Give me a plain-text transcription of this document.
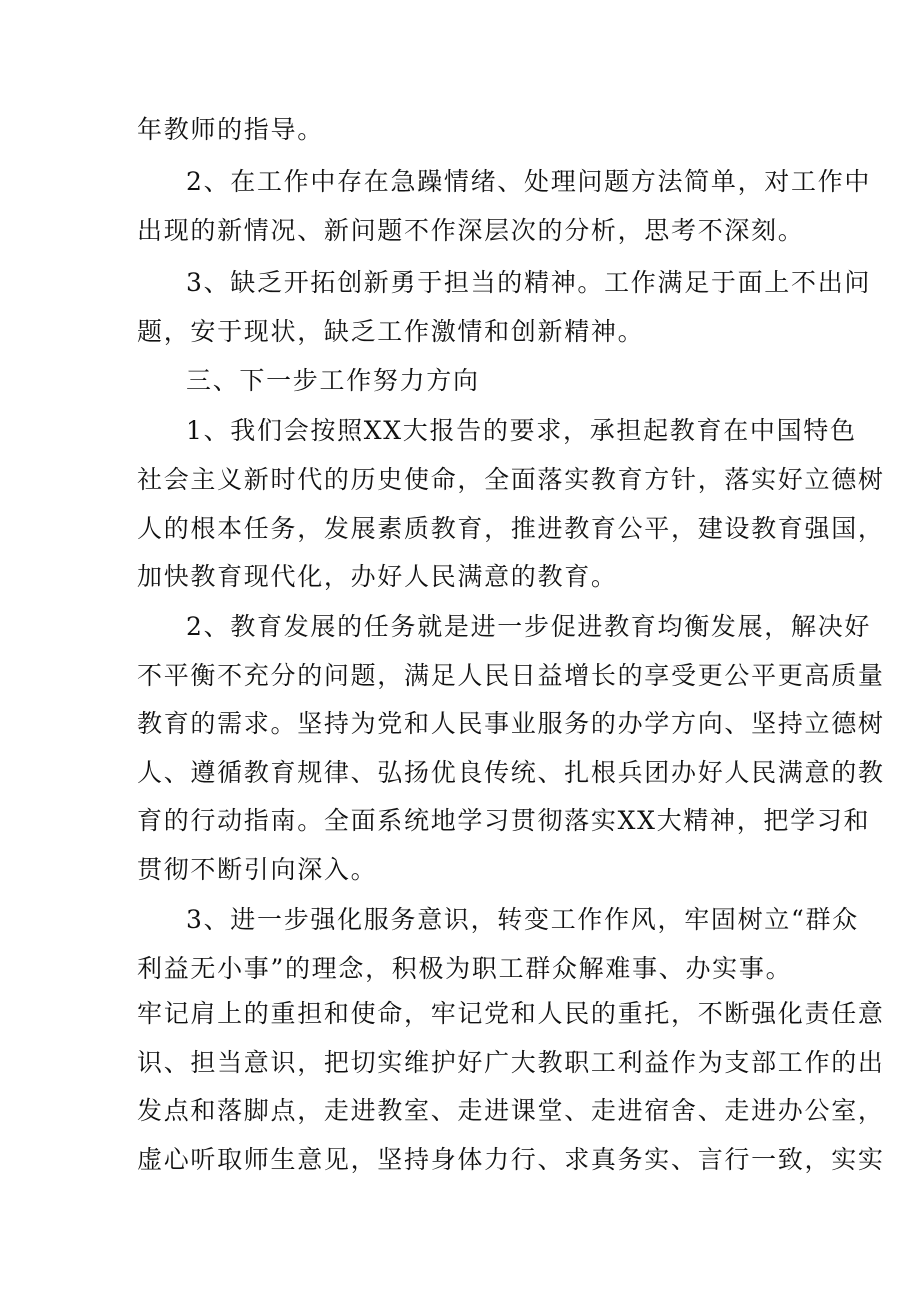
年教师的指导。
2、在工作中存在急躁情绪、处理问题方法简单，对工作中
出现的新情况、新问题不作深层次的分析，思考不深刻。
3、缺乏开拓创新勇于担当的精神。工作满足于面上不出问
题，安于现状，缺乏工作激情和创新精神。
三、下一步工作努力方向
1、我们会按照XX大报告的要求，承担起教育在中国特色
社会主义新时代的历史使命，全面落实教育方针，落实好立德树
人的根本任务，发展素质教育，推进教育公平，建设教育强国，
加快教育现代化，办好人民满意的教育。
2、教育发展的任务就是进一步促进教育均衡发展，解决好
不平衡不充分的问题，满足人民日益增长的享受更公平更高质量
教育的需求。坚持为党和人民事业服务的办学方向、坚持立德树
人、遵循教育规律、弘扬优良传统、扎根兵团办好人民满意的教
育的行动指南。全面系统地学习贯彻落实XX大精神，把学习和
贯彻不断引向深入。
3、进一步强化服务意识，转变工作作风，牢固树立“群众
利益无小事”的理念，积极为职工群众解难事、办实事。
牢记肩上的重担和使命，牢记党和人民的重托，不断强化责任意
识、担当意识，把切实维护好广大教职工利益作为支部工作的出
发点和落脚点，走进教室、走进课堂、走进宿舍、走进办公室，
虚心听取师生意见，坚持身体力行、求真务实、言行一致，实实
